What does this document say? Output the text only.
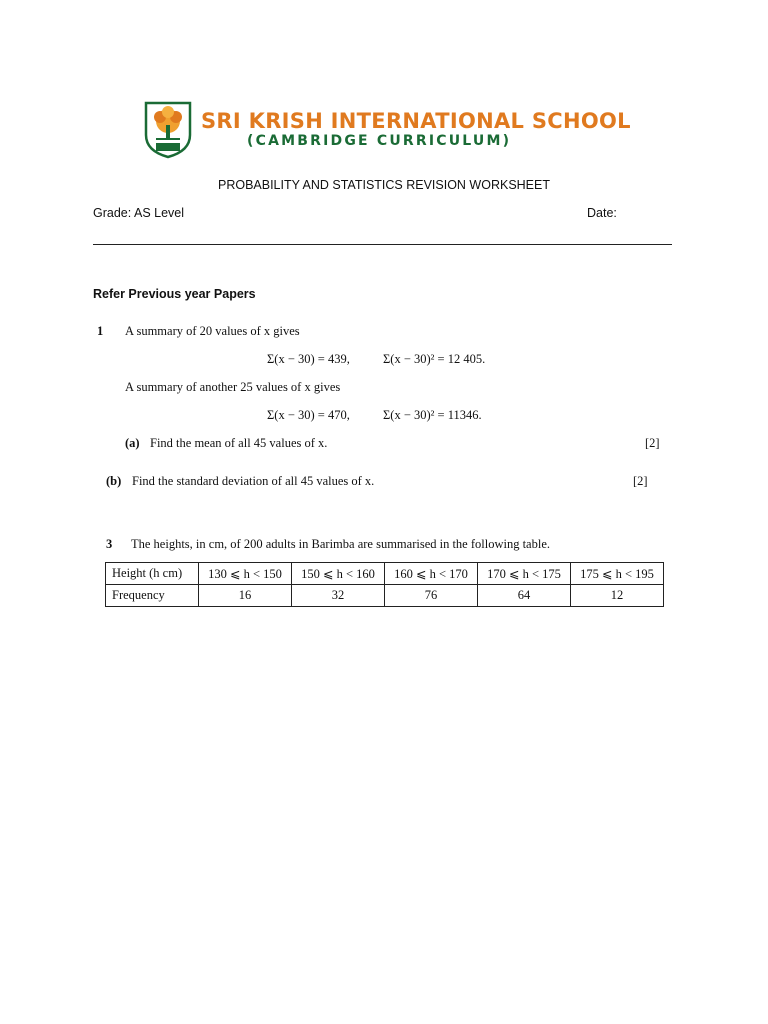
SRI KRISH INTERNATIONAL SCHOOL
(CAMBRIDGE CURRICULUM)
PROBABILITY AND STATISTICS REVISION WORKSHEET
Grade: AS Level	Date:
Refer Previous year Papers
1 A summary of 20 values of x gives
Σ(x − 30) = 439,	Σ(x − 30)² = 12 405.
A summary of another 25 values of x gives
Σ(x − 30) = 470,	Σ(x − 30)² = 11346.
(a) Find the mean of all 45 values of x.	[2]
(b) Find the standard deviation of all 45 values of x.	[2]
3 The heights, in cm, of 200 adults in Barimba are summarised in the following table.
Height (h cm)	130 ⩽ h < 150	150 ⩽ h < 160	160 ⩽ h < 170	170 ⩽ h < 175	175 ⩽ h < 195
Frequency	16	32	76	64	12
